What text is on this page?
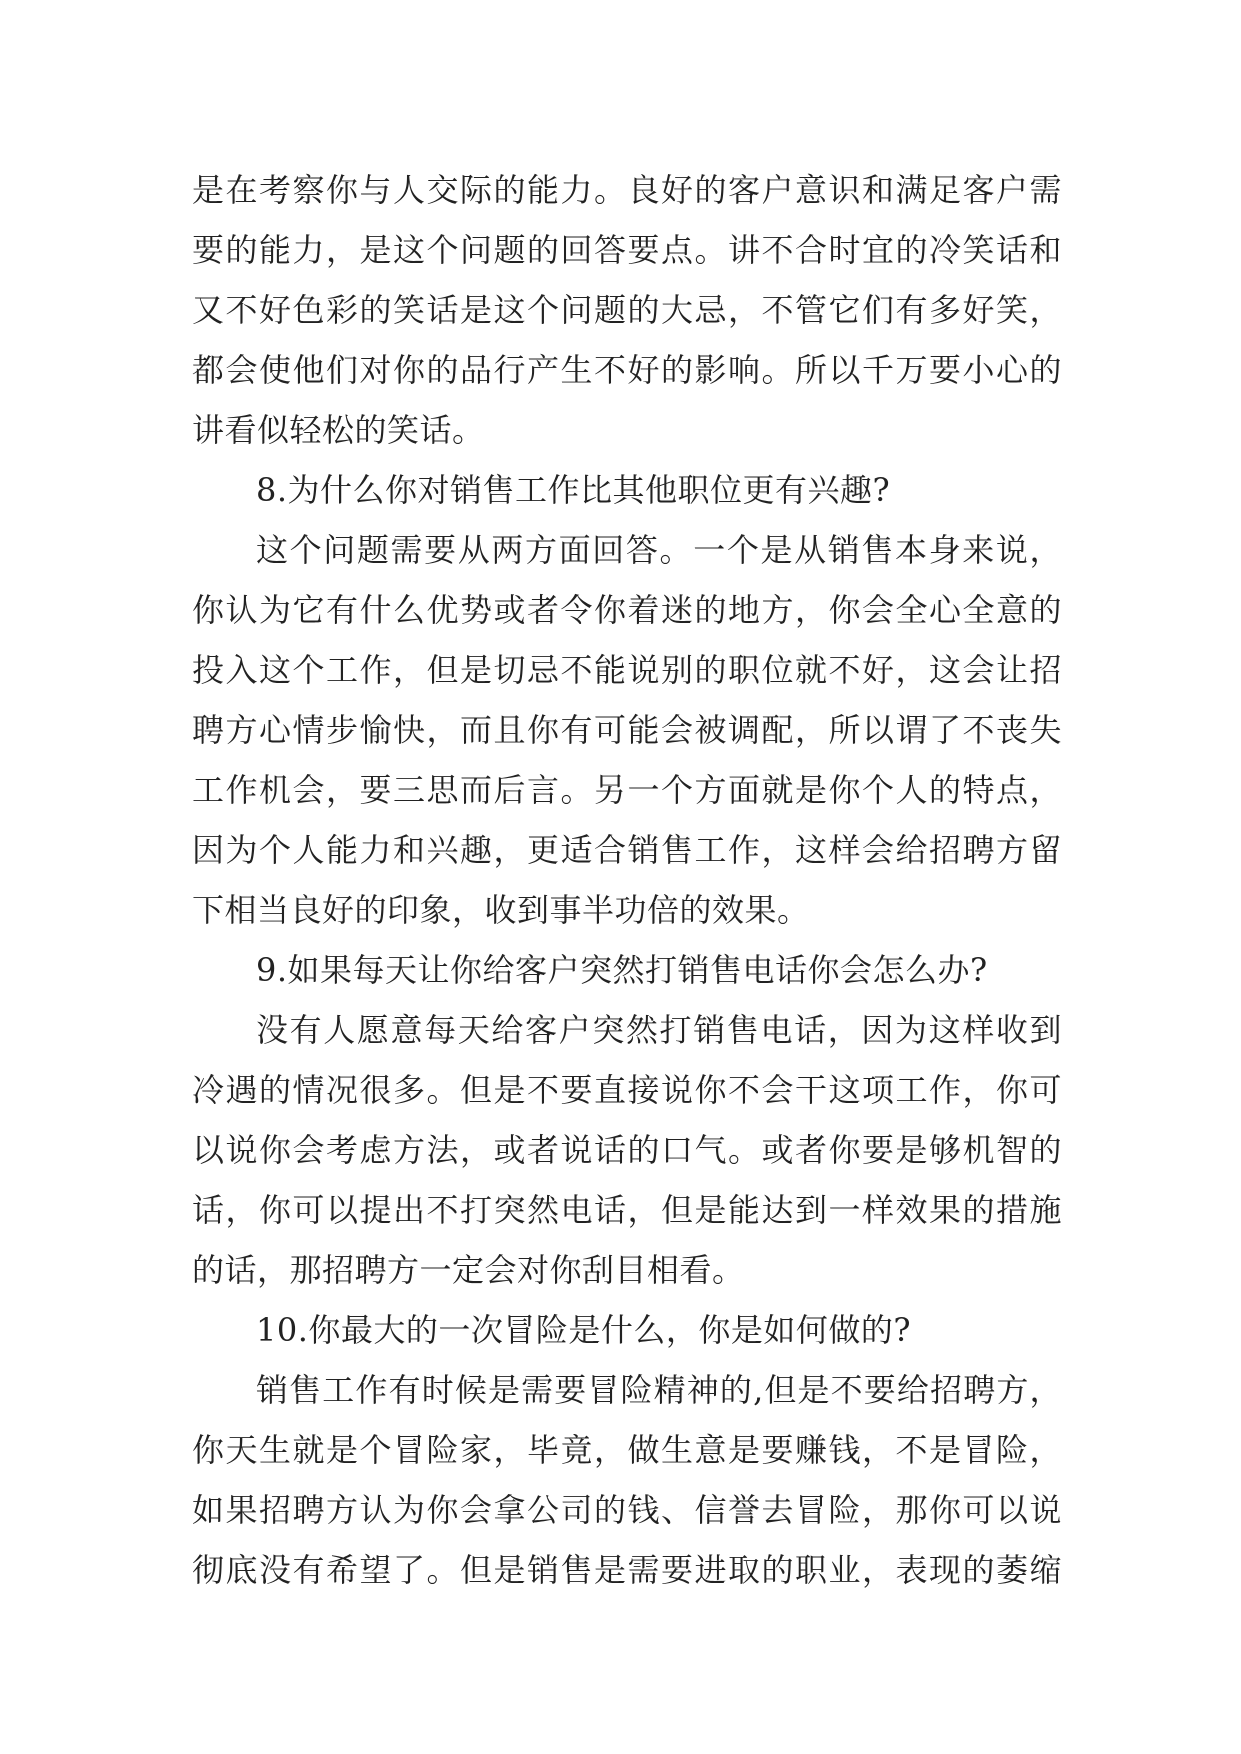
是在考察你与人交际的能力。良好的客户意识和满足客户需
要的能力，是这个问题的回答要点。讲不合时宜的冷笑话和
又不好色彩的笑话是这个问题的大忌，不管它们有多好笑，
都会使他们对你的品行产生不好的影响。所以千万要小心的
讲看似轻松的笑话。
8.为什么你对销售工作比其他职位更有兴趣?
这个问题需要从两方面回答。一个是从销售本身来说，
你认为它有什么优势或者令你着迷的地方，你会全心全意的
投入这个工作，但是切忌不能说别的职位就不好，这会让招
聘方心情步愉快，而且你有可能会被调配，所以谓了不丧失
工作机会，要三思而后言。另一个方面就是你个人的特点，
因为个人能力和兴趣，更适合销售工作，这样会给招聘方留
下相当良好的印象，收到事半功倍的效果。
9.如果每天让你给客户突然打销售电话你会怎么办?
没有人愿意每天给客户突然打销售电话，因为这样收到
冷遇的情况很多。但是不要直接说你不会干这项工作，你可
以说你会考虑方法，或者说话的口气。或者你要是够机智的
话，你可以提出不打突然电话，但是能达到一样效果的措施
的话，那招聘方一定会对你刮目相看。
10.你最大的一次冒险是什么，你是如何做的?
销售工作有时候是需要冒险精神的,但是不要给招聘方，
你天生就是个冒险家，毕竟，做生意是要赚钱，不是冒险，
如果招聘方认为你会拿公司的钱、信誉去冒险，那你可以说
彻底没有希望了。但是销售是需要进取的职业，表现的萎缩
